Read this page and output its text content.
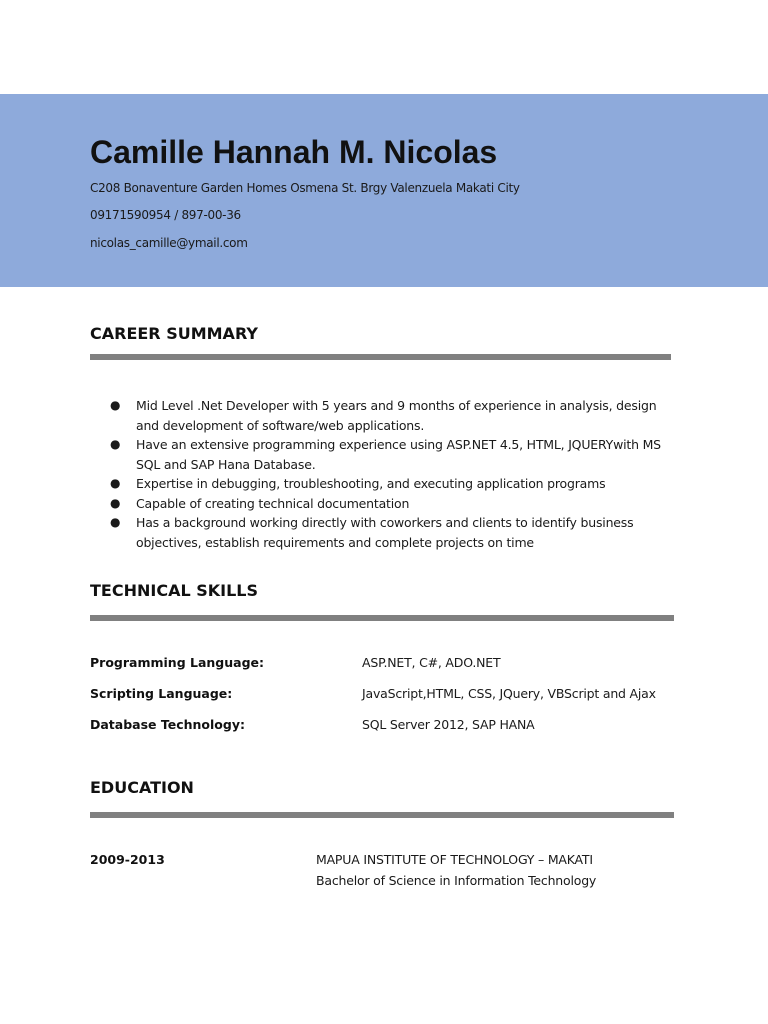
Camille Hannah M. Nicolas
C208 Bonaventure Garden Homes Osmena St. Brgy Valenzuela Makati City
09171590954 / 897-00-36
nicolas_camille@ymail.com
CAREER SUMMARY
● Mid Level .Net Developer with 5 years and 9 months of experience in analysis, design and development of software/web applications.
● Have an extensive programming experience using ASP.NET 4.5, HTML, JQUERYwith MS SQL and SAP Hana Database.
● Expertise in debugging, troubleshooting, and executing application programs
● Capable of creating technical documentation
● Has a background working directly with coworkers and clients to identify business objectives, establish requirements and complete projects on time
TECHNICAL SKILLS
Programming Language:	ASP.NET, C#, ADO.NET
Scripting Language:	JavaScript,HTML, CSS, JQuery, VBScript and Ajax
Database Technology:	SQL Server 2012, SAP HANA
EDUCATION
2009-2013	MAPUA INSTITUTE OF TECHNOLOGY – MAKATI
Bachelor of Science in Information Technology
